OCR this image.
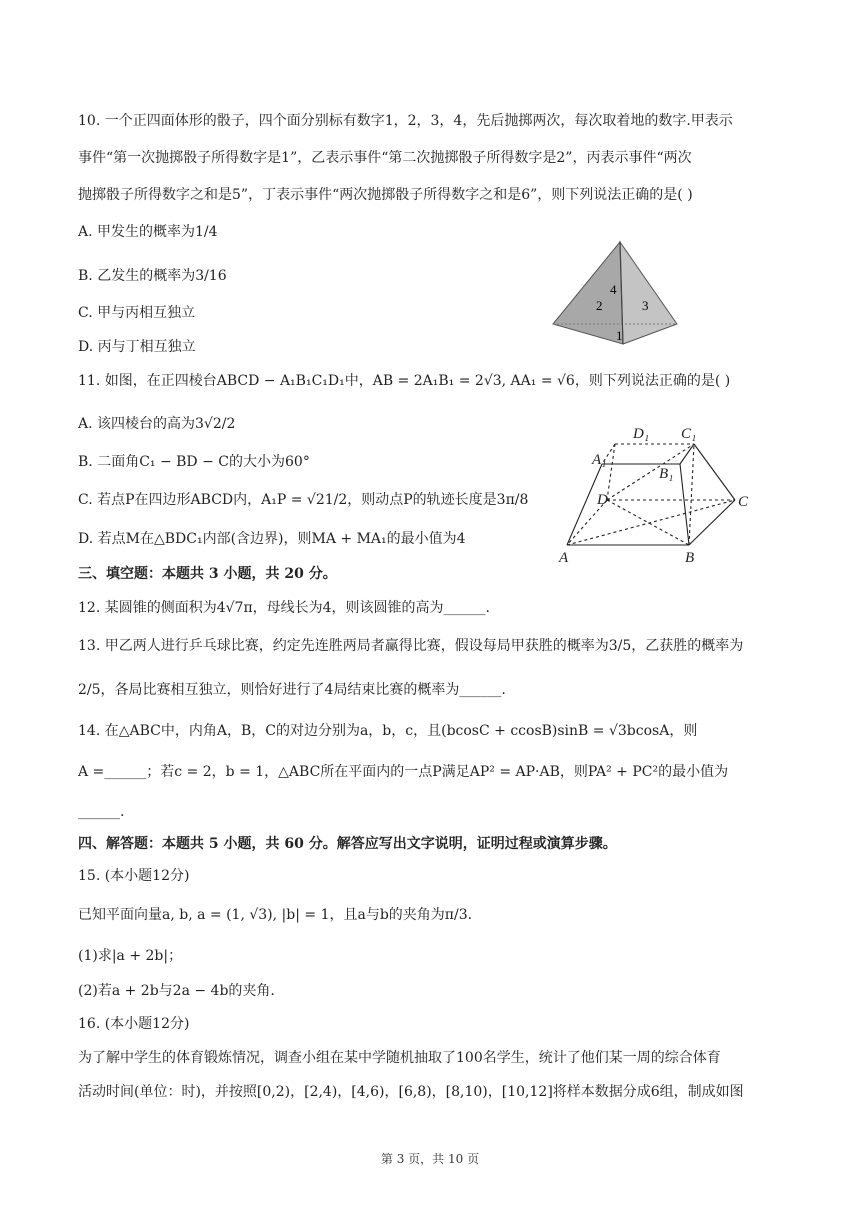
10. 一个正四面体形的骰子，四个面分别标有数字1，2，3，4，先后抛掷两次，每次取着地的数字.甲表示
事件“第一次抛掷骰子所得数字是1”，乙表示事件“第二次抛掷骰子所得数字是2”，丙表示事件“两次
抛掷骰子所得数字之和是5”，丁表示事件“两次抛掷骰子所得数字之和是6”，则下列说法正确的是( )
A. 甲发生的概率为1/4
B. 乙发生的概率为3/16
C. 甲与丙相互独立
D. 丙与丁相互独立
4
2	3
1
11. 如图，在正四棱台ABCD − A₁B₁C₁D₁中，AB = 2A₁B₁ = 2√3, AA₁ = √6，则下列说法正确的是( )
A. 该四棱台的高为3√2/2
B. 二面角C₁ − BD − C的大小为60°
C. 若点P在四边形ABCD内，A₁P = √21/2，则动点P的轨迹长度是3π/8
D. 若点M在△BDC₁内部(含边界)，则MA + MA₁的最小值为4
D₁ C₁
A₁
B₁
D	C
A	B
三、填空题：本题共 3 小题，共 20 分。
12. 某圆锥的侧面积为4√7π，母线长为4，则该圆锥的高为______.
13. 甲乙两人进行乒乓球比赛，约定先连胜两局者赢得比赛，假设每局甲获胜的概率为3/5，乙获胜的概率为
2/5，各局比赛相互独立，则恰好进行了4局结束比赛的概率为______.
14. 在△ABC中，内角A，B，C的对边分别为a，b，c，且(bcosC + ccosB)sinB = √3bcosA，则
A =______；若c = 2，b = 1，△ABC所在平面内的一点P满足AP² = AP·AB，则PA² + PC²的最小值为
______.
四、解答题：本题共 5 小题，共 60 分。解答应写出文字说明，证明过程或演算步骤。
15. (本小题12分)
已知平面向量a, b, a = (1, √3), |b| = 1，且a与b的夹角为π/3.
(1)求|a + 2b|；
(2)若a + 2b与2a − 4b的夹角.
16. (本小题12分)
为了解中学生的体育锻炼情况，调查小组在某中学随机抽取了100名学生，统计了他们某一周的综合体育
活动时间(单位：时)，并按照[0,2)，[2,4)，[4,6)，[6,8)，[8,10)，[10,12]将样本数据分成6组，制成如图
第 3 页，共 10 页
